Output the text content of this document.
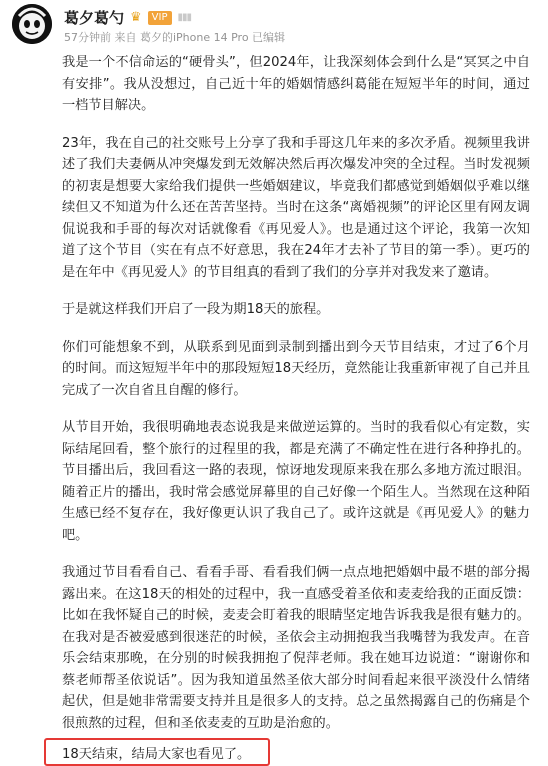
葛夕葛勺 ♛	VIP	▮▮▮
57分钟前 来自 葛夕的iPhone 14 Pro 已编辑

我是一个不信命运的“硬骨头”，但2024年，让我深刻体会到什么是“冥冥之中自有安排”。我从没想过，自己近十年的婚姻情感纠葛能在短短半年的时间，通过一档节目解决。

23年，我在自己的社交账号上分享了我和手哥这几年来的多次矛盾。视频里我讲述了我们夫妻俩从冲突爆发到无效解决然后再次爆发冲突的全过程。当时发视频的初衷是想要大家给我们提供一些婚姻建议，毕竟我们都感觉到婚姻似乎难以继续但又不知道为什么还在苦苦坚持。当时在这条“离婚视频”的评论区里有网友调侃说我和手哥的每次对话就像看《再见爱人》。也是通过这个评论，我第一次知道了这个节目（实在有点不好意思，我在24年才去补了节目的第一季）。更巧的是在年中《再见爱人》的节目组真的看到了我们的分享并对我发来了邀请。

于是就这样我们开启了一段为期18天的旅程。

你们可能想象不到，从联系到见面到录制到播出到今天节目结束，才过了6个月的时间。而这短短半年中的那段短短18天经历，竟然能让我重新审视了自己并且完成了一次自省且自醒的修行。

从节目开始，我很明确地表态说我是来做逆运算的。当时的我看似心有定数，实际结尾回看，整个旅行的过程里的我，都是充满了不确定性在进行各种挣扎的。节目播出后，我回看这一路的表现，惊讶地发现原来我在那么多地方流过眼泪。随着正片的播出，我时常会感觉屏幕里的自己好像一个陌生人。当然现在这种陌生感已经不复存在，我好像更认识了我自己了。或许这就是《再见爱人》的魅力吧。

我通过节目看看自己、看看手哥、看看我们俩一点点地把婚姻中最不堪的部分揭露出来。在这18天的相处的过程中，我一直感受着圣依和麦麦给我的正面反馈：比如在我怀疑自己的时候，麦麦会盯着我的眼睛坚定地告诉我我是很有魅力的。在我对是否被爱感到很迷茫的时候，圣依会主动拥抱我当我嘴替为我发声。在音乐会结束那晚，在分别的时候我拥抱了倪萍老师。我在她耳边说道：“谢谢你和蔡老师帮圣依说话”。因为我知道虽然圣依大部分时间看起来很平淡没什么情绪起伏，但是她非常需要支持并且是很多人的支持。总之虽然揭露自己的伤痛是个很煎熬的过程，但和圣依麦麦的互助是治愈的。

18天结束，结局大家也看见了。
